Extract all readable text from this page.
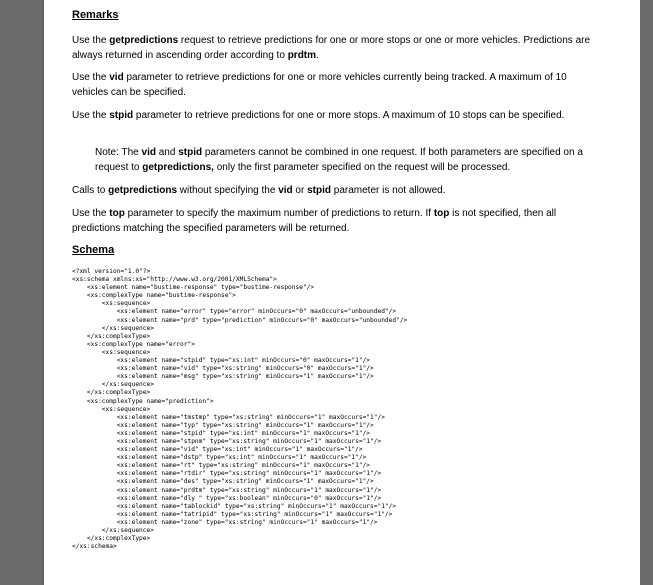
Remarks

Use the getpredictions request to retrieve predictions for one or more stops or one or more vehicles. Predictions are always returned in ascending order according to prdtm.

Use the vid parameter to retrieve predictions for one or more vehicles currently being tracked. A maximum of 10 vehicles can be specified.

Use the stpid parameter to retrieve predictions for one or more stops. A maximum of 10 stops can be specified.

Note: The vid and stpid parameters cannot be combined in one request. If both parameters are specified on a request to getpredictions, only the first parameter specified on the request will be processed.

Calls to getpredictions without specifying the vid or stpid parameter is not allowed.

Use the top parameter to specify the maximum number of predictions to return. If top is not specified, then all predictions matching the specified parameters will be returned.

Schema
<?xml version="1.0"?>
<xs:schema xmlns:xs="http://www.w3.org/2001/XMLSchema">
<xs:element name="bustime-response" type="bustime-response"/>
<xs:complexType name="bustime-response">
<xs:sequence>
<xs:element name="error" type="error" minOccurs="0" maxOccurs="unbounded"/>
<xs:element name="prd" type="prediction" minOccurs="0" maxOccurs="unbounded"/>
</xs:sequence>
</xs:complexType>
<xs:complexType name="error">
<xs:sequence>
<xs:element name="stpid" type="xs:int" minOccurs="0" maxOccurs="1"/>
<xs:element name="vid" type="xs:string" minOccurs="0" maxOccurs="1"/>
<xs:element name="msg" type="xs:string" minOccurs="1" maxOccurs="1"/>
</xs:sequence>
</xs:complexType>
<xs:complexType name="prediction">
<xs:sequence>
<xs:element name="tmstmp" type="xs:string" minOccurs="1" maxOccurs="1"/>
<xs:element name="typ" type="xs:string" minOccurs="1" maxOccurs="1"/>
<xs:element name="stpid" type="xs:int" minOccurs="1" maxOccurs="1"/>
<xs:element name="stpnm" type="xs:string" minOccurs="1" maxOccurs="1"/>
<xs:element name="vid" type="xs:int" minOccurs="1" maxOccurs="1"/>
<xs:element name="dstp" type="xs:int" minOccurs="1" maxOccurs="1"/>
<xs:element name="rt" type="xs:string" minOccurs="1" maxOccurs="1"/>
<xs:element name="rtdir" type="xs:string" minOccurs="1" maxOccurs="1"/>
<xs:element name="des" type="xs:string" minOccurs="1" maxOccurs="1"/>
<xs:element name="prdtm" type="xs:string" minOccurs="1" maxOccurs="1"/>
<xs:element name="dly " type="xs:boolean" minOccurs="0" maxOccurs="1"/>
<xs:element name="tablockid" type="xs:string" minOccurs="1" maxOccurs="1"/>
<xs:element name="tatripid" type="xs:string" minOccurs="1" maxOccurs="1"/>
<xs:element name="zone" type="xs:string" minOccurs="1" maxOccurs="1"/>
</xs:sequence>
</xs:complexType>
</xs:schema>
